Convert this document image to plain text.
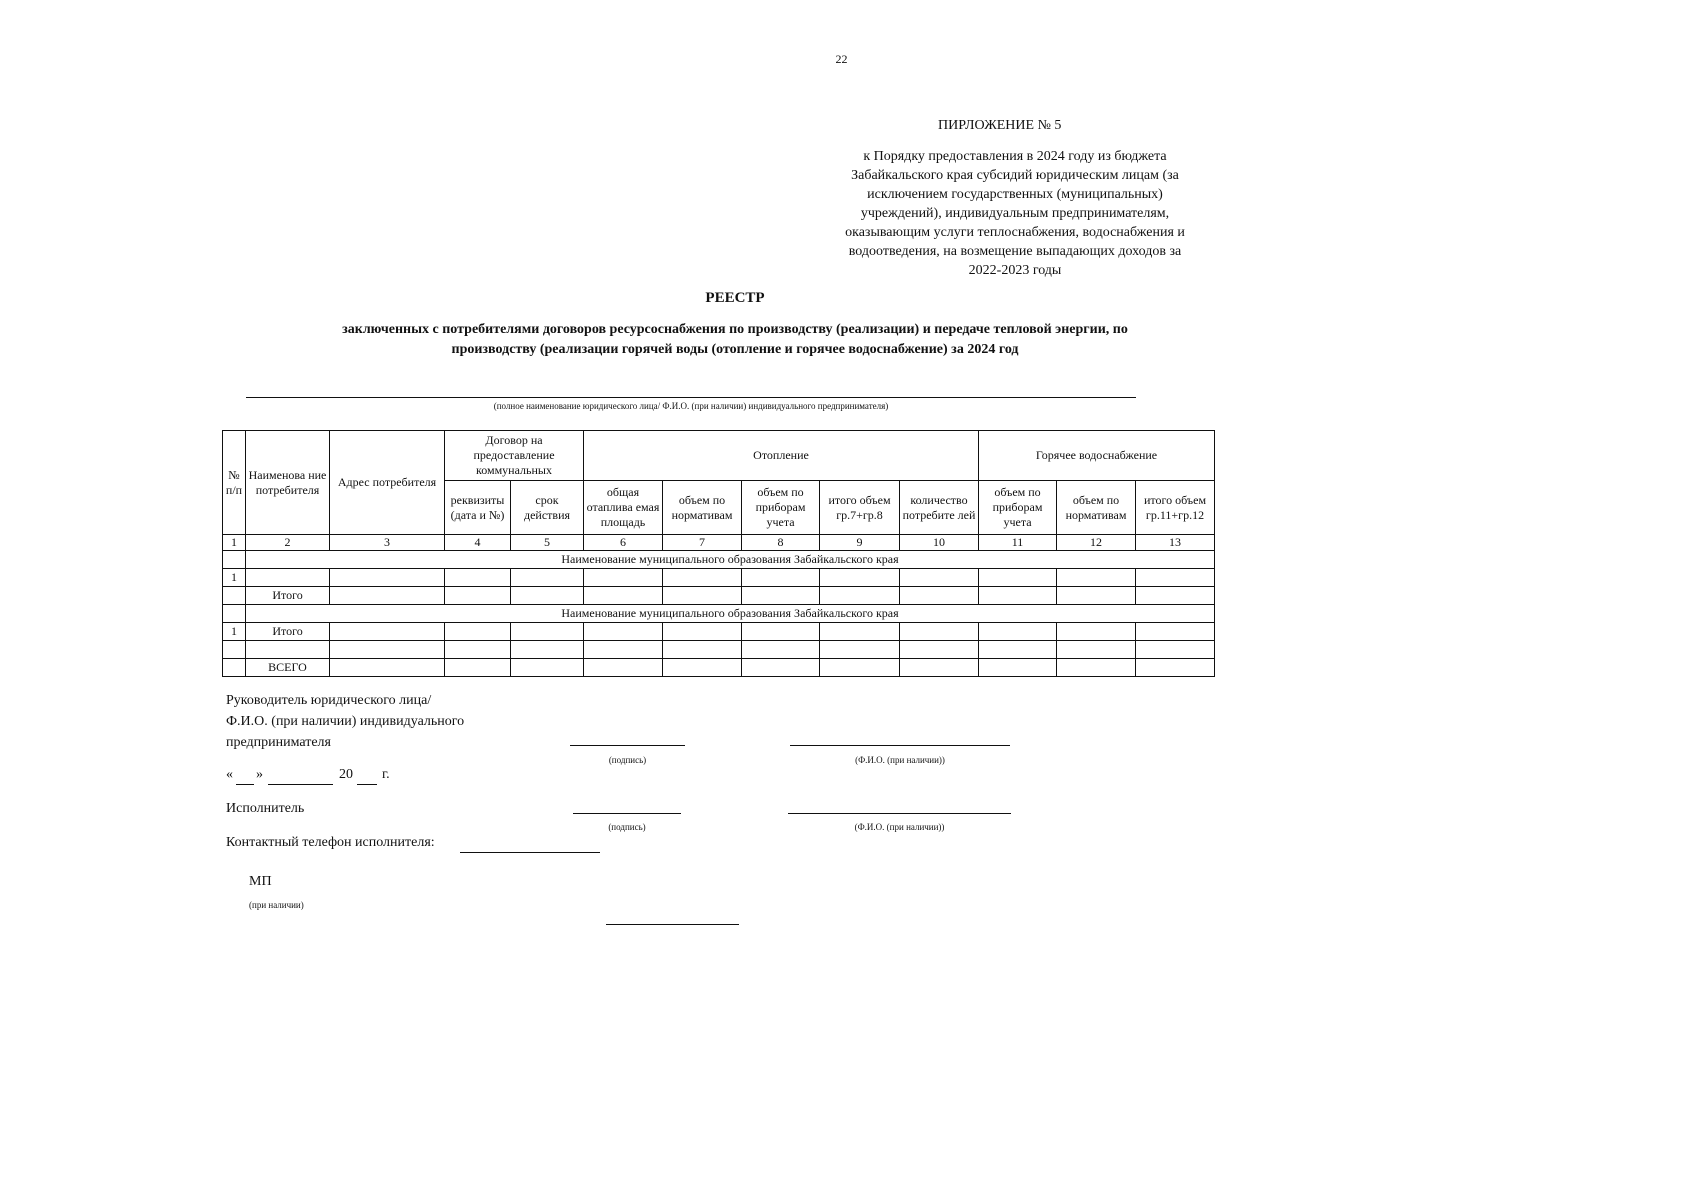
22
ПИРЛОЖЕНИЕ № 5
к Порядку предоставления в 2024 году из бюджета
Забайкальского края субсидий юридическим лицам (за
исключением государственных (муниципальных)
учреждений), индивидуальным предпринимателям,
оказывающим услуги теплоснабжения, водоснабжения и
водоотведения, на возмещение выпадающих доходов за
2022-2023 годы
РЕЕСТР
заключенных с потребителями договоров ресурсоснабжения по производству (реализации) и передаче тепловой энергии, по
производству (реализации горячей воды (отопление и горячее водоснабжение) за 2024 год
(полное наименование юридического лица/ Ф.И.О. (при наличии) индивидуального предпринимателя)
№ п/п	Наименова ние потребителя	Адрес потребителя	Договор на предоставление коммунальных		Отопление					Горячее водоснабжение		
			реквизиты (дата и №)	срок действия	общая отаплива емая площадь	объем по нормативам	объем по приборам учета	итого объем гр.7+гр.8	количество потребите лей	объем по приборам учета	объем по нормативам	итого объем гр.11+гр.12
1	2	3	4	5	6	7	8	9	10	11	12	13
	Наименование муниципального образования Забайкальского края											
1												
	Итого											
	Наименование муниципального образования Забайкальского края											
1	Итого											

	ВСЕГО											
Руководитель юридического лица/
Ф.И.О. (при наличии) индивидуального
предпринимателя
(подпись)	(Ф.И.О. (при наличии))
« »	20 г.
Исполнитель
(подпись)	(Ф.И.О. (при наличии))
Контактный телефон исполнителя:
МП
(при наличии)
